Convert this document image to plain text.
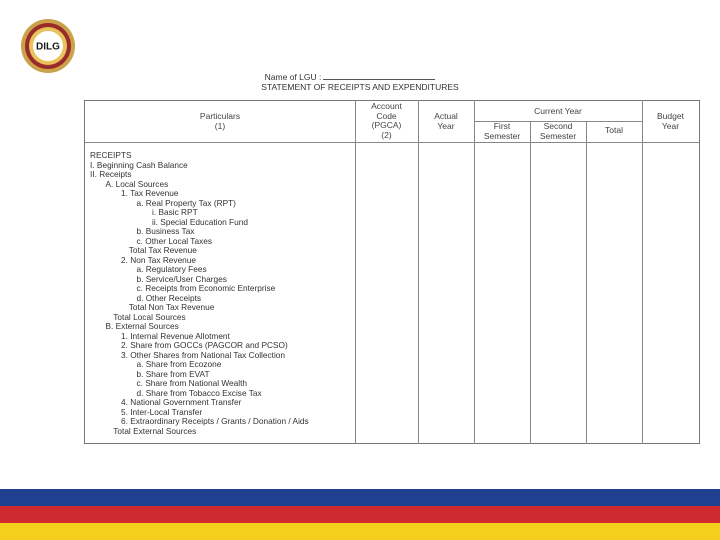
DILG
Name of LGU :
STATEMENT OF RECEIPTS AND EXPENDITURES
Particulars
(1)
Account
Code
(PGCA)
(2)
Actual
Year
Current Year
First
Semester
Second
Semester
Total
Budget
Year
RECEIPTS
I. Beginning Cash Balance
II. Receipts
A. Local Sources
1. Tax Revenue
a. Real Property Tax (RPT)
i. Basic RPT
ii. Special Education Fund
b. Business Tax
c. Other Local Taxes
Total Tax Revenue
2. Non Tax Revenue
a. Regulatory Fees
b. Service/User Charges
c. Receipts from Economic Enterprise
d. Other Receipts
Total Non Tax Revenue
Total Local Sources
B. External Sources
1. Internal Revenue Allotment
2. Share from GOCCs (PAGCOR and PCSO)
3. Other Shares from National Tax Collection
a. Share from Ecozone
b. Share from EVAT
c. Share from National Wealth
d. Share from Tobacco Excise Tax
4. National Government Transfer
5. Inter-Local Transfer
6. Extraordinary Receipts / Grants / Donation / Aids
Total External Sources
